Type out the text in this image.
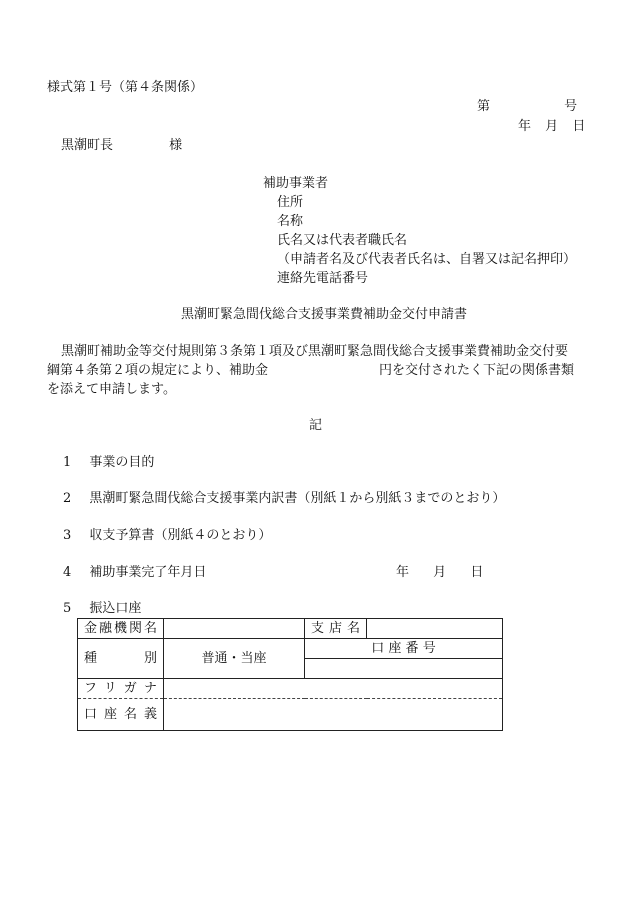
様式第１号（第４条関係）
第	号
年 月 日
黒潮町長	様
補助事業者
住所
名称
氏名又は代表者職氏名
（申請者名及び代表者氏名は、自署又は記名押印）
連絡先電話番号
黒潮町緊急間伐総合支援事業費補助金交付申請書
黒潮町補助金等交付規則第３条第１項及び黒潮町緊急間伐総合支援事業費補助金交付要
綱第４条第２項の規定により、補助金	円を交付されたく下記の関係書類
を添えて申請します。
記
1 事業の目的
2 黒潮町緊急間伐総合支援事業内訳書（別紙１から別紙３までのとおり）
3 収支予算書（別紙４のとおり）
4 補助事業完了年月日	年 月 日
5 振込口座
金融機関名		支店名	
種　　別	普通・当座	口 座 番 号	

フリガナ			
口座名義			
